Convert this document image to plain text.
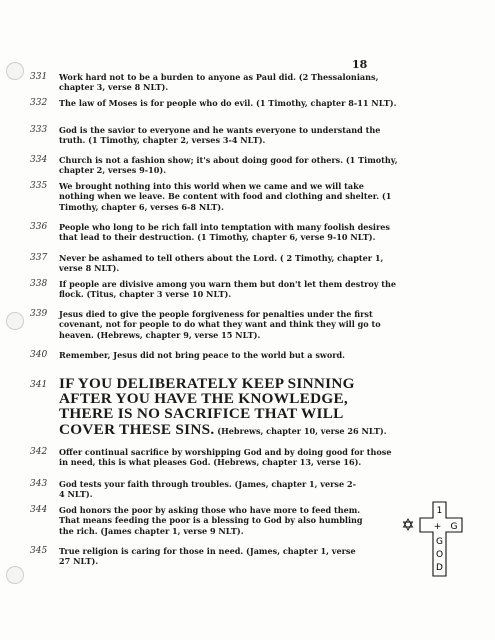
18
331 Work hard not to be a burden to anyone as Paul did. (2 Thessalonians, chapter 3, verse 8 NLT).
332 The law of Moses is for people who do evil. (1 Timothy, chapter 8-11 NLT).
333 God is the savior to everyone and he wants everyone to understand the truth. (1 Timothy, chapter 2, verses 3-4 NLT).
334 Church is not a fashion show; it's about doing good for others. (1 Timothy, chapter 2, verses 9-10).
335 We brought nothing into this world when we came and we will take nothing when we leave. Be content with food and clothing and shelter. (1 Timothy, chapter 6, verses 6-8 NLT).
336 People who long to be rich fall into temptation with many foolish desires that lead to their destruction. (1 Timothy, chapter 6, verse 9-10 NLT).
337 Never be ashamed to tell others about the Lord. ( 2 Timothy, chapter 1, verse 8 NLT).
338 If people are divisive among you warn them but don't let them destroy the flock. (Titus, chapter 3 verse 10 NLT).
339 Jesus died to give the people forgiveness for penalties under the first covenant, not for people to do what they want and think they will go to heaven. (Hebrews, chapter 9, verse 15 NLT).
340 Remember, Jesus did not bring peace to the world but a sword.
341 IF YOU DELIBERATELY KEEP SINNING AFTER YOU HAVE THE KNOWLEDGE, THERE IS NO SACRIFICE THAT WILL COVER THESE SINS. (Hebrews, chapter 10, verse 26 NLT).
342 Offer continual sacrifice by worshipping God and by doing good for those in need, this is what pleases God. (Hebrews, chapter 13, verse 16).
343 God tests your faith through troubles. (James, chapter 1, verse 2-4 NLT).
344 God honors the poor by asking those who have more to feed them. That means feeding the poor is a blessing to God by also humbling the rich. (James chapter 1, verse 9 NLT).
345 True religion is caring for those in need. (James, chapter 1, verse 27 NLT).
1
+ G
G
O
D
